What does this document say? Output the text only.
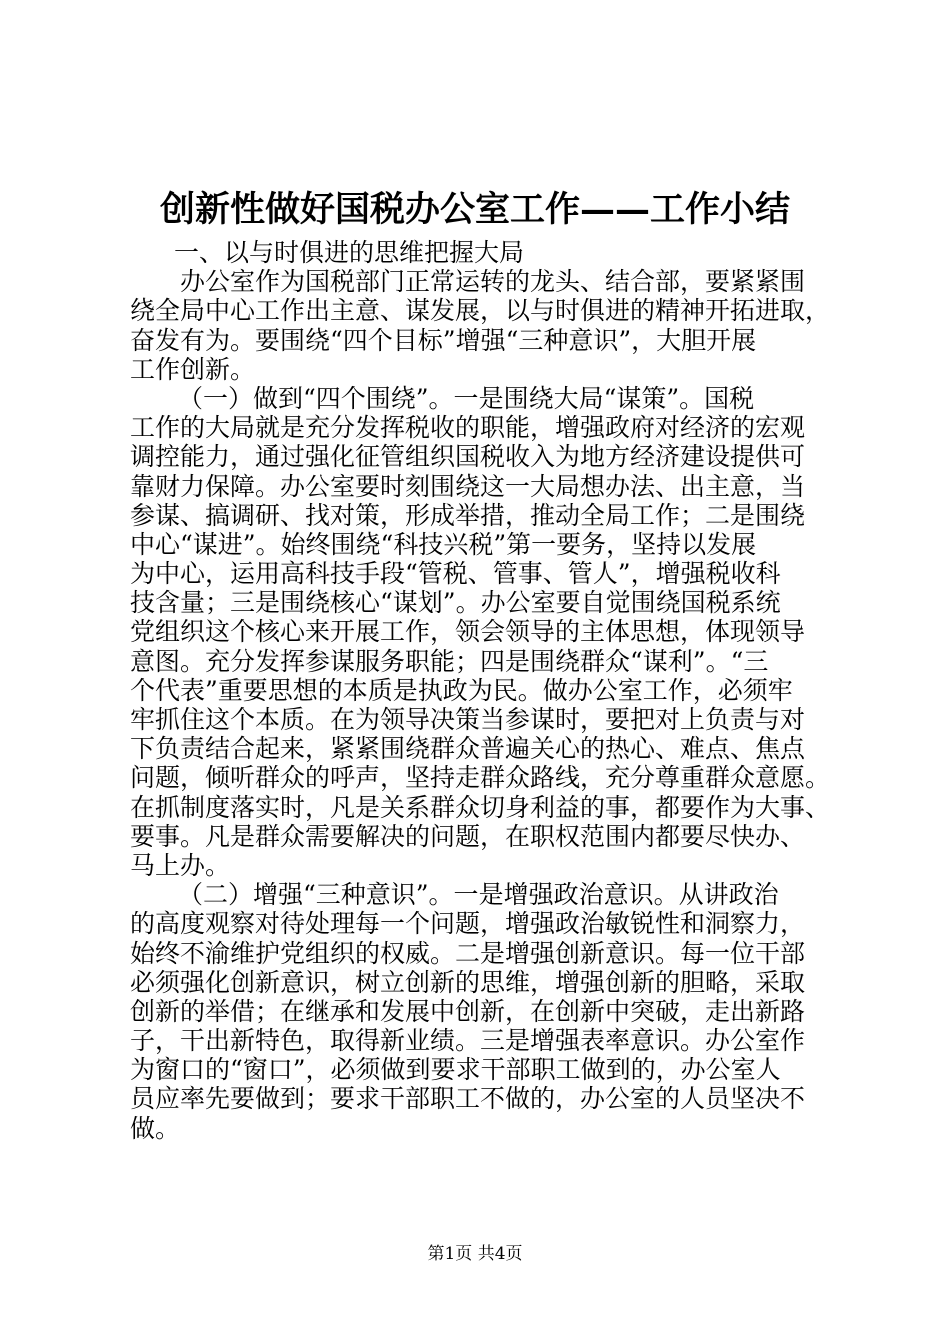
创新性做好国税办公室工作——工作小结
一、以与时俱进的思维把握大局
办公室作为国税部门正常运转的龙头、结合部，要紧紧围
绕全局中心工作出主意、谋发展，以与时俱进的精神开拓进取，
奋发有为。要围绕“四个目标”增强“三种意识”，大胆开展
工作创新。
（一）做到“四个围绕”。一是围绕大局“谋策”。国税
工作的大局就是充分发挥税收的职能，增强政府对经济的宏观
调控能力，通过强化征管组织国税收入为地方经济建设提供可
靠财力保障。办公室要时刻围绕这一大局想办法、出主意，当
参谋、搞调研、找对策，形成举措，推动全局工作；二是围绕
中心“谋进”。始终围绕“科技兴税”第一要务，坚持以发展
为中心，运用高科技手段“管税、管事、管人”，增强税收科
技含量；三是围绕核心“谋划”。办公室要自觉围绕国税系统
党组织这个核心来开展工作，领会领导的主体思想，体现领导
意图。充分发挥参谋服务职能；四是围绕群众“谋利”。“三
个代表”重要思想的本质是执政为民。做办公室工作，必须牢
牢抓住这个本质。在为领导决策当参谋时，要把对上负责与对
下负责结合起来，紧紧围绕群众普遍关心的热心、难点、焦点
问题，倾听群众的呼声，坚持走群众路线，充分尊重群众意愿。
在抓制度落实时，凡是关系群众切身利益的事，都要作为大事、
要事。凡是群众需要解决的问题，在职权范围内都要尽快办、
马上办。
（二）增强“三种意识”。一是增强政治意识。从讲政治
的高度观察对待处理每一个问题，增强政治敏锐性和洞察力，
始终不渝维护党组织的权威。二是增强创新意识。每一位干部
必须强化创新意识，树立创新的思维，增强创新的胆略，采取
创新的举借；在继承和发展中创新，在创新中突破，走出新路
子，干出新特色，取得新业绩。三是增强表率意识。办公室作
为窗口的“窗口”，必须做到要求干部职工做到的，办公室人
员应率先要做到；要求干部职工不做的，办公室的人员坚决不
做。
第1页 共4页
